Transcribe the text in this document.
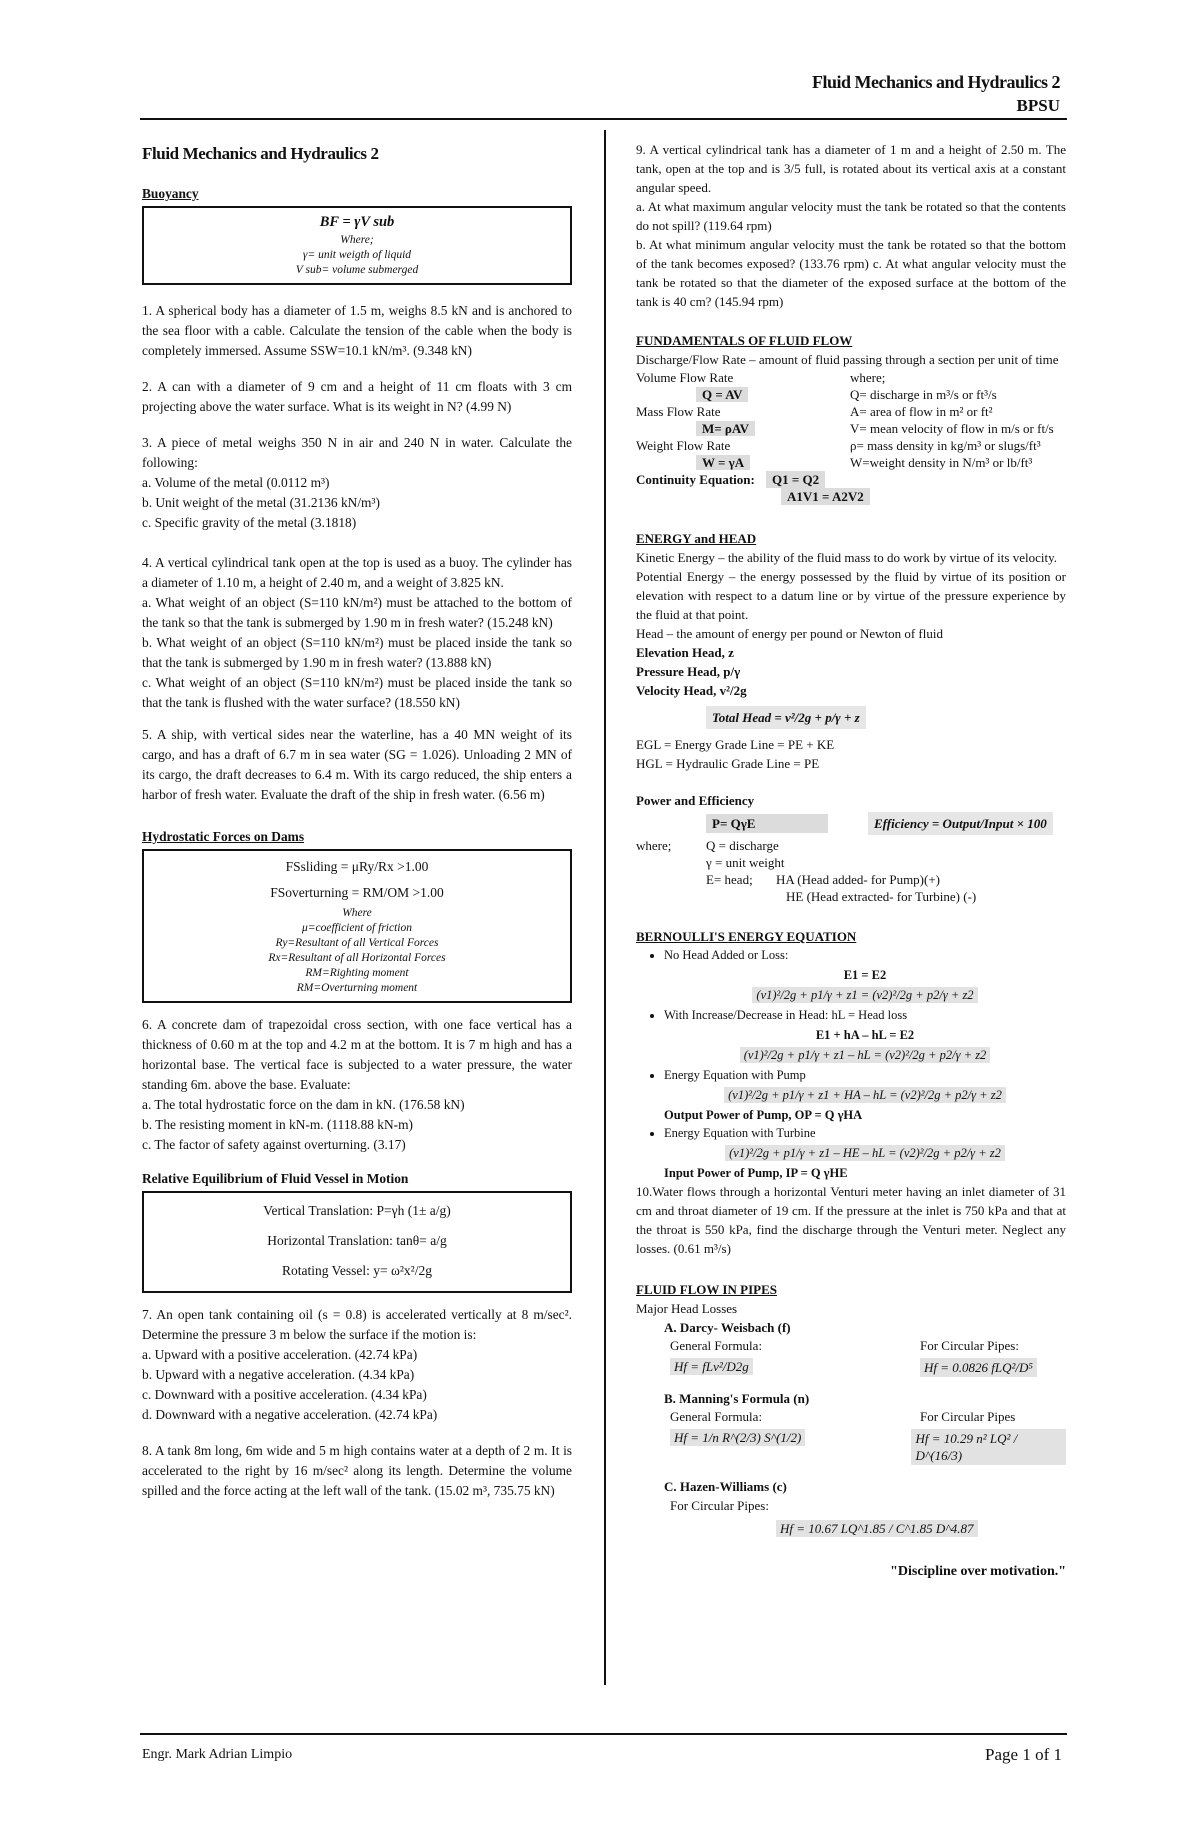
Fluid Mechanics and Hydraulics 2
BPSU
Fluid Mechanics and Hydraulics 2
Buoyancy
BF = γV sub
Where;
γ= unit weigth of liquid
V sub= volume submerged

1. A spherical body has a diameter of 1.5 m, weighs 8.5 kN and is anchored to the sea floor with a cable. Calculate the tension of the cable when the body is completely immersed. Assume SSW=10.1 kN/m³. (9.348 kN)

2. A can with a diameter of 9 cm and a height of 11 cm floats with 3 cm projecting above the water surface. What is its weight in N? (4.99 N)

3. A piece of metal weighs 350 N in air and 240 N in water. Calculate the following:

a. Volume of the metal (0.0112 m³)

b. Unit weight of the metal (31.2136 kN/m³)

c. Specific gravity of the metal (3.1818)

4. A vertical cylindrical tank open at the top is used as a buoy. The cylinder has a diameter of 1.10 m, a height of 2.40 m, and a weight of 3.825 kN.

a. What weight of an object (S=110 kN/m²) must be attached to the bottom of the tank so that the tank is submerged by 1.90 m in fresh water? (15.248 kN)

b. What weight of an object (S=110 kN/m²) must be placed inside the tank so that the tank is submerged by 1.90 m in fresh water? (13.888 kN)

c. What weight of an object (S=110 kN/m²) must be placed inside the tank so that the tank is flushed with the water surface? (18.550 kN)

5. A ship, with vertical sides near the waterline, has a 40 MN weight of its cargo, and has a draft of 6.7 m in sea water (SG = 1.026). Unloading 2 MN of its cargo, the draft decreases to 6.4 m. With its cargo reduced, the ship enters a harbor of fresh water. Evaluate the draft of the ship in fresh water. (6.56 m)

Hydrostatic Forces on Dams
FSsliding = μRy/Rx >1.00
FSoverturning = RM/OM >1.00
Where
μ=coefficient of friction
Ry=Resultant of all Vertical Forces
Rx=Resultant of all Horizontal Forces
RM=Righting moment
RM=Overturning moment

6. A concrete dam of trapezoidal cross section, with one face vertical has a thickness of 0.60 m at the top and 4.2 m at the bottom. It is 7 m high and has a horizontal base. The vertical face is subjected to a water pressure, the water standing 6m. above the base. Evaluate:

a. The total hydrostatic force on the dam in kN. (176.58 kN)

b. The resisting moment in kN-m. (1118.88 kN-m)

c. The factor of safety against overturning. (3.17)

Relative Equilibrium of Fluid Vessel in Motion
Vertical Translation: P=γh (1± a/g)
Horizontal Translation: tanθ= a/g
Rotating Vessel: y= ω²x²/2g

7. An open tank containing oil (s = 0.8) is accelerated vertically at 8 m/sec². Determine the pressure 3 m below the surface if the motion is:

a. Upward with a positive acceleration. (42.74 kPa)

b. Upward with a negative acceleration. (4.34 kPa)

c. Downward with a positive acceleration. (4.34 kPa)

d. Downward with a negative acceleration. (42.74 kPa)

8. A tank 8m long, 6m wide and 5 m high contains water at a depth of 2 m. It is accelerated to the right by 16 m/sec² along its length. Determine the volume spilled and the force acting at the left wall of the tank. (15.02 m³, 735.75 kN)

9. A vertical cylindrical tank has a diameter of 1 m and a height of 2.50 m. The tank, open at the top and is 3/5 full, is rotated about its vertical axis at a constant angular speed.

a. At what maximum angular velocity must the tank be rotated so that the contents do not spill? (119.64 rpm)

b. At what minimum angular velocity must the tank be rotated so that the bottom of the tank becomes exposed? (133.76 rpm) c. At what angular velocity must the tank be rotated so that the diameter of the exposed surface at the bottom of the tank is 40 cm? (145.94 rpm)

FUNDAMENTALS OF FLUID FLOW

Discharge/Flow Rate – amount of fluid passing through a section per unit of time

Volume Flow Rate	where;
Q = AV	Q= discharge in m³/s or ft³/s
Mass Flow Rate	A= area of flow in m² or ft²
M= ρAV	V= mean velocity of flow in m/s or ft/s
Weight Flow Rate	ρ= mass density in kg/m³ or slugs/ft³
W = γA	W=weight density in N/m³ or lb/ft³
Continuity Equation:	Q1 = Q2
A1V1 = A2V2
ENERGY and HEAD

Kinetic Energy – the ability of the fluid mass to do work by virtue of its velocity.

Potential Energy – the energy possessed by the fluid by virtue of its position or elevation with respect to a datum line or by virtue of the pressure experience by the fluid at that point.

Head – the amount of energy per pound or Newton of fluid

Elevation Head, z

Pressure Head, p/γ

Velocity Head, v²/2g

Total Head = v²/2g + p/γ + z

EGL = Energy Grade Line = PE + KE

HGL = Hydraulic Grade Line = PE

Power and Efficiency

P= QγE	Efficiency = Output/Input × 100
where;	Q = discharge
γ = unit weight
E= head;	HA (Head added- for Pump)(+)
HE (Head extracted- for Turbine) (-)
BERNOULLI'S ENERGY EQUATION
• No Head Added or Loss:
E1 = E2
(v1)²/2g + p1/γ + z1 = (v2)²/2g + p2/γ + z2
• With Increase/Decrease in Head: hL = Head loss
E1 + hA – hL = E2
(v1)²/2g + p1/γ + z1 – hL = (v2)²/2g + p2/γ + z2
• Energy Equation with Pump
(v1)²/2g + p1/γ + z1 + HA – hL = (v2)²/2g + p2/γ + z2
Output Power of Pump, OP = Q γHA
• Energy Equation with Turbine
(v1)²/2g + p1/γ + z1 – HE – hL = (v2)²/2g + p2/γ + z2
Input Power of Pump, IP = Q γHE

10.Water flows through a horizontal Venturi meter having an inlet diameter of 31 cm and throat diameter of 19 cm. If the pressure at the inlet is 750 kPa and that at the throat is 550 kPa, find the discharge through the Venturi meter. Neglect any losses. (0.61 m³/s)

FLUID FLOW IN PIPES

Major Head Losses

A. Darcy- Weisbach (f)

General Formula:	For Circular Pipes:
Hf = fLv²/D2g	Hf = 0.0826 fLQ²/D⁵

B. Manning's Formula (n)

General Formula:	For Circular Pipes
Hf = 1/n R^(2/3) S^(1/2)	Hf = 10.29 n² LQ² / D^(16/3)

C. Hazen-Williams (c)

For Circular Pipes:

Hf = 10.67 LQ^1.85 / C^1.85 D^4.87
"Discipline over motivation."
Engr. Mark Adrian Limpio	Page 1 of 1
